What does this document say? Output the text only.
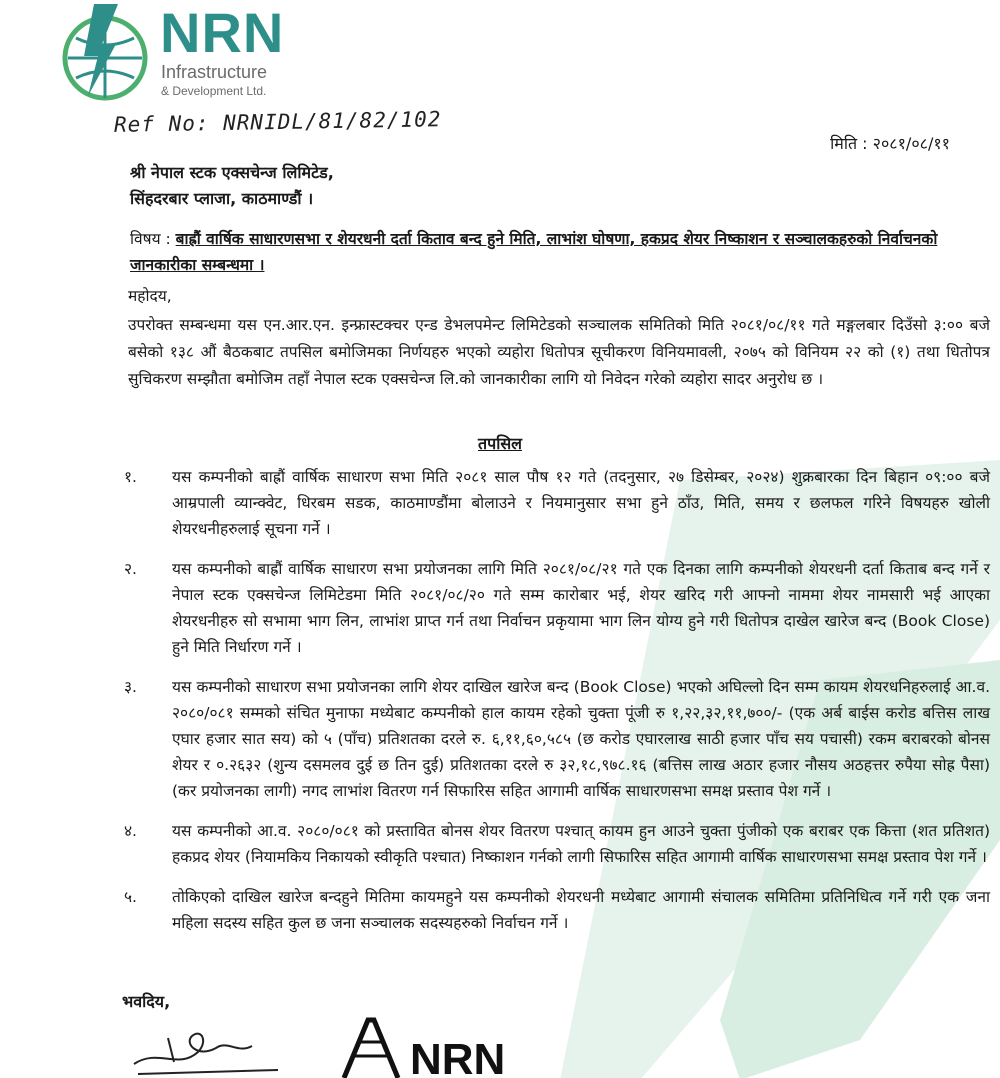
NRN
Infrastructure
& Development Ltd.
Ref No: NRNIDL/81/82/102
मिति : २०८१/०८/११
श्री नेपाल स्टक एक्सचेन्ज लिमिटेड,
सिंहदरबार प्लाजा, काठमाण्डौं ।
विषय : बाह्रौं वार्षिक साधारणसभा र शेयरधनी दर्ता किताव बन्द हुने मिति, लाभांश घोषणा, हकप्रद शेयर निष्काशन र सञ्चालकहरुको निर्वाचनको जानकारीका सम्बन्धमा ।
महोदय,
उपरोक्त सम्बन्धमा यस एन.आर.एन. इन्फ्रास्टक्चर एन्ड डेभलपमेन्ट लिमिटेडको सञ्चालक समितिको मिति २०८१/०८/११ गते मङ्गलबार दिउँसो ३:०० बजे बसेको १३८ औं बैठकबाट तपसिल बमोजिमका निर्णयहरु भएको व्यहोरा धितोपत्र सूचीकरण विनियमावली, २०७५ को विनियम २२ को (१) तथा धितोपत्र सुचिकरण सम्झौता बमोजिम तहाँ नेपाल स्टक एक्सचेन्ज लि.को जानकारीका लागि यो निवेदन गरेको व्यहोरा सादर अनुरोध छ ।
तपसिल
१. यस कम्पनीको बाह्रौं वार्षिक साधारण सभा मिति २०८१ साल पौष १२ गते (तदनुसार, २७ डिसेम्बर, २०२४) शुक्रबारका दिन बिहान ०९:०० बजे आम्रपाली व्यान्क्वेट, धिरबम सडक, काठमाण्डौंमा बोलाउने र नियमानुसार सभा हुने ठाँउ, मिति, समय र छलफल गरिने विषयहरु खोली शेयरधनीहरुलाई सूचना गर्ने ।
२. यस कम्पनीको बाह्रौं वार्षिक साधारण सभा प्रयोजनका लागि मिति २०८१/०८/२१ गते एक दिनका लागि कम्पनीको शेयरधनी दर्ता किताब बन्द गर्ने र नेपाल स्टक एक्सचेन्ज लिमिटेडमा मिति २०८१/०८/२० गते सम्म कारोबार भई, शेयर खरिद गरी आफ्नो नाममा शेयर नामसारी भई आएका शेयरधनीहरु सो सभामा भाग लिन, लाभांश प्राप्त गर्न तथा निर्वाचन प्रकृयामा भाग लिन योग्य हुने गरी धितोपत्र दाखेल खारेज बन्द (Book Close) हुने मिति निर्धारण गर्ने ।
३. यस कम्पनीको साधारण सभा प्रयोजनका लागि शेयर दाखिल खारेज बन्द (Book Close) भएको अघिल्लो दिन सम्म कायम शेयरधनिहरुलाई आ.व. २०८०/०८१ सम्मको संचित मुनाफा मध्येबाट कम्पनीको हाल कायम रहेको चुक्ता पूंजी रु १,२२,३२,११,७००/- (एक अर्ब बाईस करोड बत्तिस लाख एघार हजार सात सय) को ५ (पाँच) प्रतिशतका दरले रु. ६,११,६०,५८५ (छ करोड एघारलाख साठी हजार पाँच सय पचासी) रकम बराबरको बोनस शेयर र ०.२६३२ (शुन्य दसमलव दुई छ तिन दुई) प्रतिशतका दरले रु ३२,१८,९७८.१६ (बत्तिस लाख अठार हजार नौसय अठहत्तर रुपैया सोह्र पैसा) (कर प्रयोजनका लागी) नगद लाभांश वितरण गर्न सिफारिस सहित आगामी वार्षिक साधारणसभा समक्ष प्रस्ताव पेश गर्ने ।
४. यस कम्पनीको आ.व. २०८०/०८१ को प्रस्तावित बोनस शेयर वितरण पश्चात् कायम हुन आउने चुक्ता पुंजीको एक बराबर एक कित्ता (शत प्रतिशत) हकप्रद शेयर (नियामकिय निकायको स्वीकृति पश्चात) निष्काशन गर्नको लागी सिफारिस सहित आगामी वार्षिक साधारणसभा समक्ष प्रस्ताव पेश गर्ने ।
५. तोकिएको दाखिल खारेज बन्दहुने मितिमा कायमहुने यस कम्पनीको शेयरधनी मध्येबाट आगामी संचालक समितिमा प्रतिनिधित्व गर्ने गरी एक जना महिला सदस्य सहित कुल छ जना सञ्चालक सदस्यहरुको निर्वाचन गर्ने ।
भवदिय,
NRN
